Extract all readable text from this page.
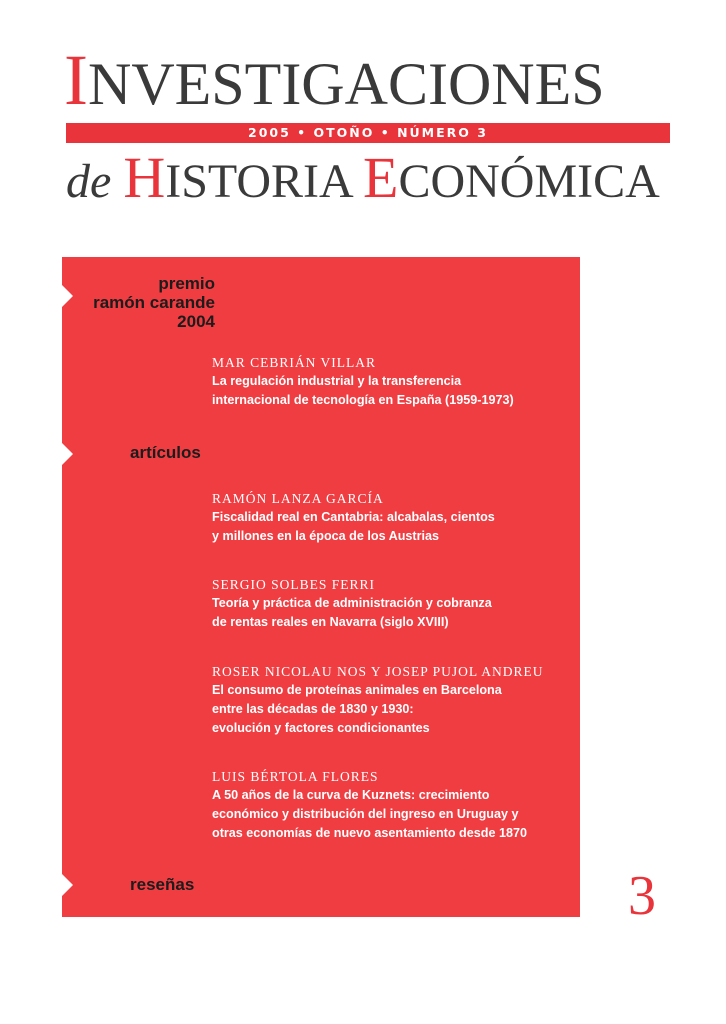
INVESTIGACIONES
2005 • OTOÑO • NÚMERO 3
de HISTORIA ECONÓMICA
premio
ramón carande
2004
MAR CEBRIÁN VILLAR
La regulación industrial y la transferencia
internacional de tecnología en España (1959-1973)
artículos
RAMÓN LANZA GARCÍA
Fiscalidad real en Cantabria: alcabalas, cientos
y millones en la época de los Austrias
SERGIO SOLBES FERRI
Teoría y práctica de administración y cobranza
de rentas reales en Navarra (siglo XVIII)
ROSER NICOLAU NOS Y JOSEP PUJOL ANDREU
El consumo de proteínas animales en Barcelona
entre las décadas de 1830 y 1930:
evolución y factores condicionantes
LUIS BÉRTOLA FLORES
A 50 años de la curva de Kuznets: crecimiento
económico y distribución del ingreso en Uruguay y
otras economías de nuevo asentamiento desde 1870
reseñas	3
